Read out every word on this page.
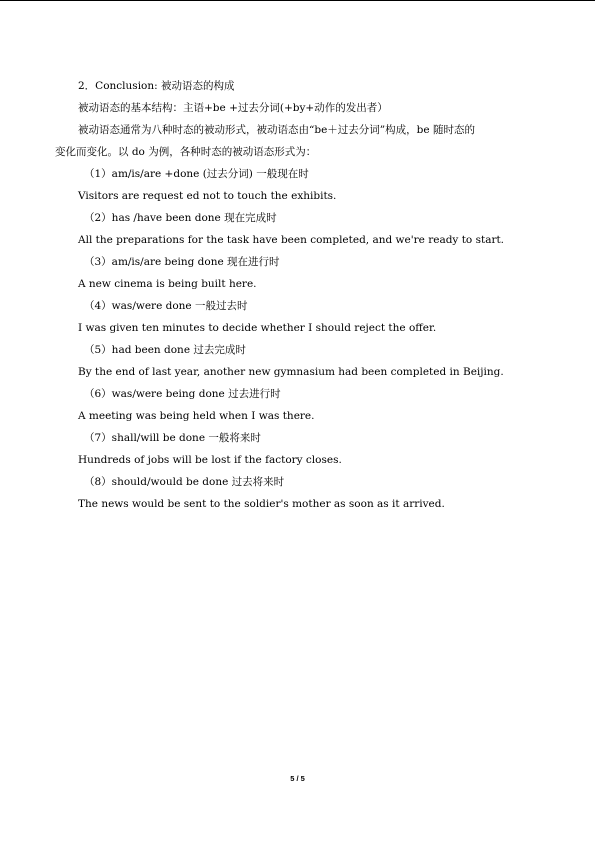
2．Conclusion: 被动语态的构成
被动语态的基本结构：主语+be +过去分词(+by+动作的发出者）
被动语态通常为八种时态的被动形式，被动语态由“be＋过去分词”构成，be 随时态的
变化而变化。以 do 为例，各种时态的被动语态形式为：
（1）am/is/are +done (过去分词) 一般现在时
Visitors are request ed not to touch the exhibits.
（2）has /have been done 现在完成时
All the preparations for the task have been completed, and we're ready to start.
（3）am/is/are being done 现在进行时
A new cinema is being built here.
（4）was/were done 一般过去时
I was given ten minutes to decide whether I should reject the offer.
（5）had been done 过去完成时
By the end of last year, another new gymnasium had been completed in Beijing.
（6）was/were being done 过去进行时
A meeting was being held when I was there.
（7）shall/will be done 一般将来时
Hundreds of jobs will be lost if the factory closes.
（8）should/would be done 过去将来时
The news would be sent to the soldier's mother as soon as it arrived.
5 / 5
